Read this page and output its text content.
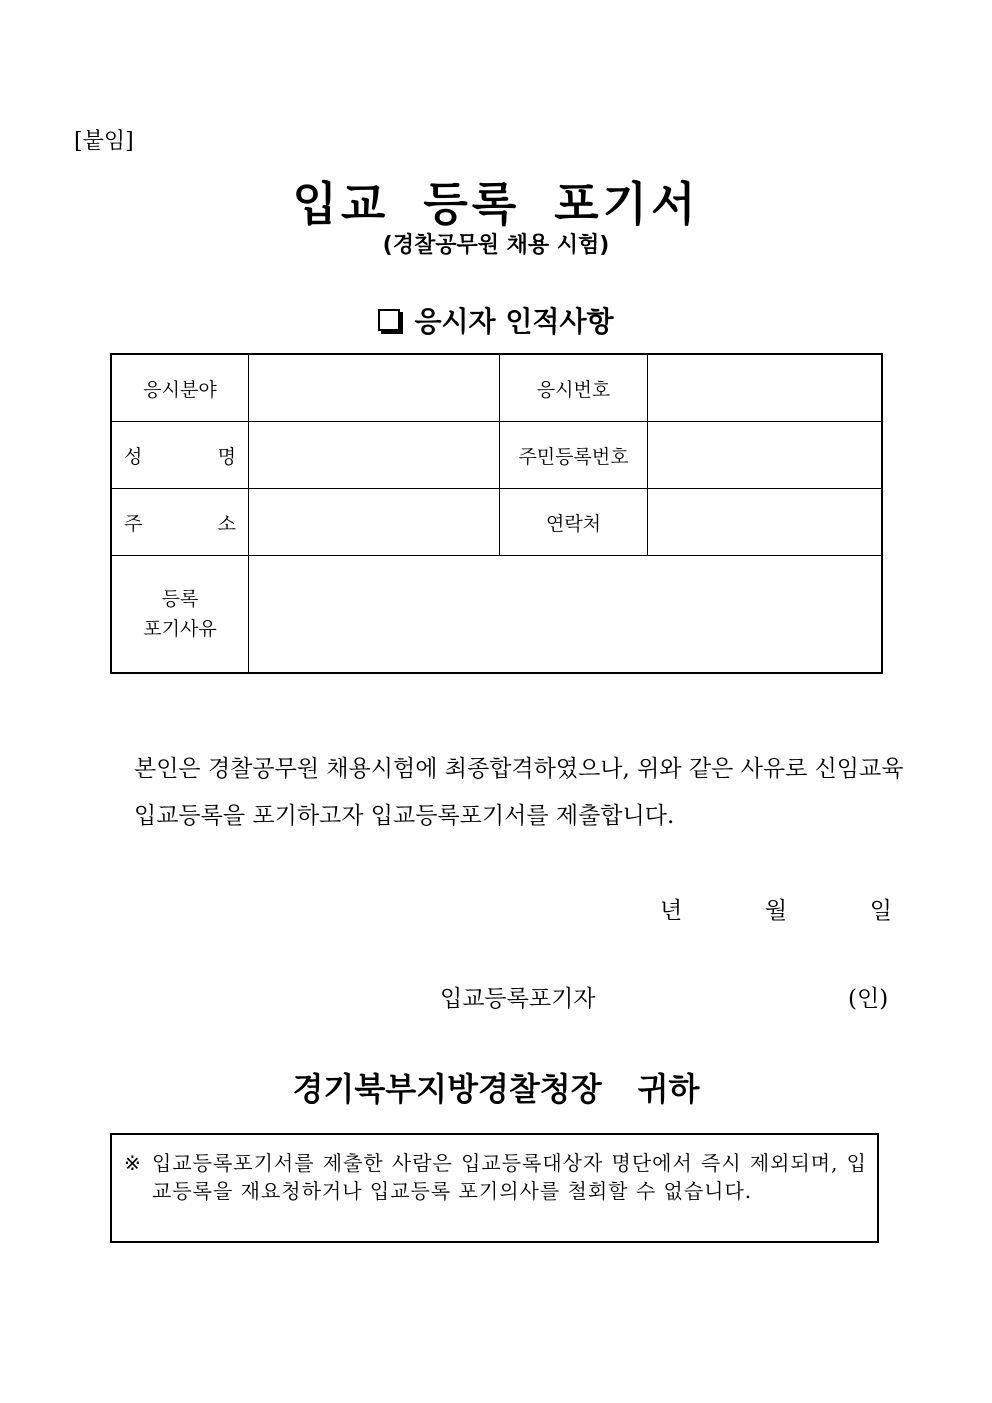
[붙임]
입교 등록 포기서
(경찰공무원 채용 시험)
응시자 인적사항
응시분야		응시번호	

성 명		주민등록번호	

주 소		연락처	

등록
포기사유			

본인은 경찰공무원 채용시험에 최종합격하였으나, 위와 같은 사유로 신임교육 입교등록을 포기하고자 입교등록포기서를 제출합니다.
년	월	일
입교등록포기자	(인)
경기북부지방경찰청장 귀하
※ 입교등록포기서를 제출한 사람은 입교등록대상자 명단에서 즉시 제외되며, 입교등록을 재요청하거나 입교등록 포기의사를 철회할 수 없습니다.
